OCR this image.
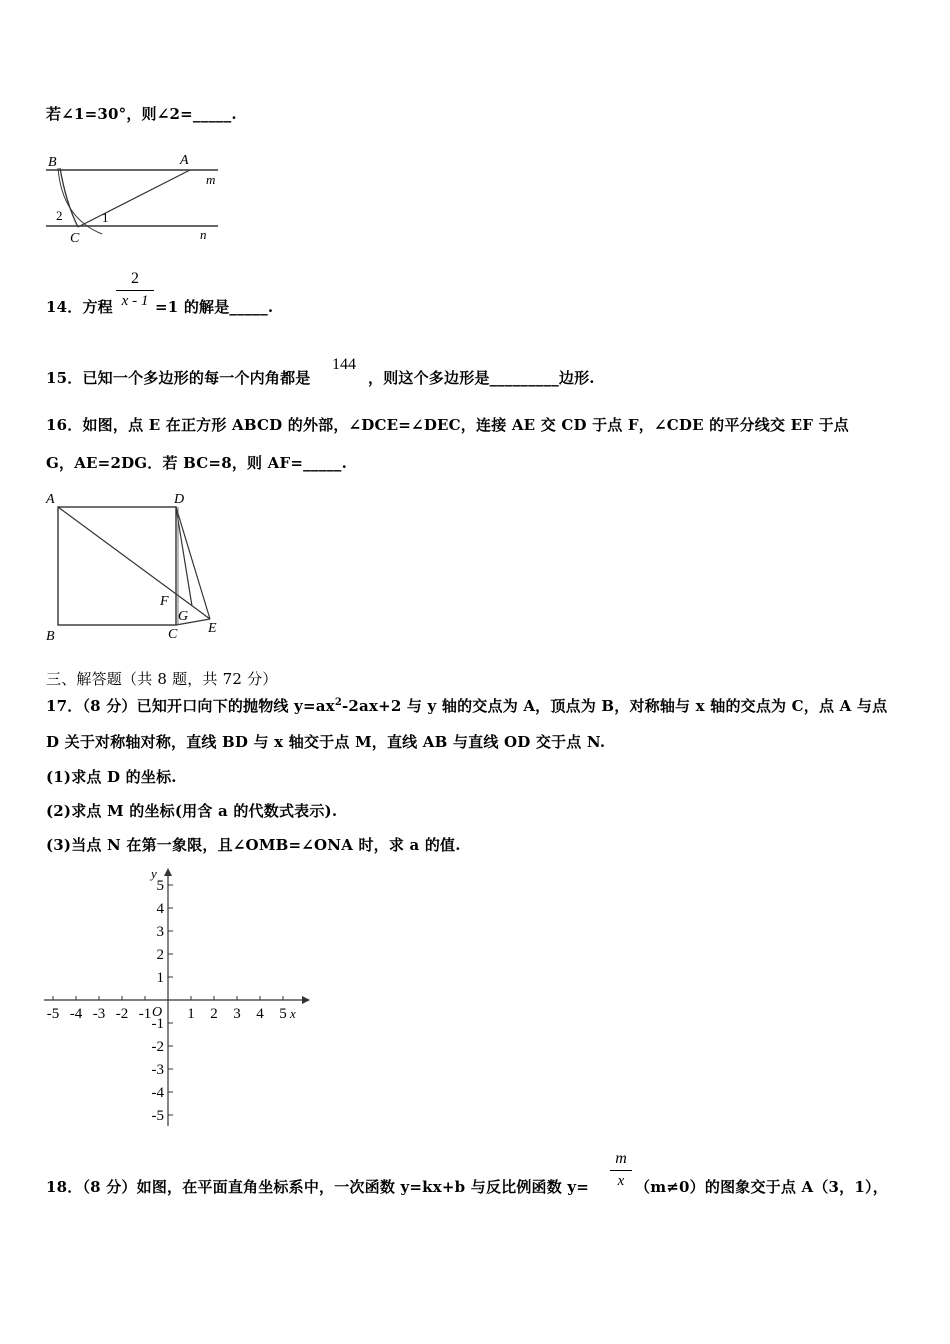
若∠1=30°，则∠2=_____.
B	A
m
2	1
C	n
14．方程
2
x - 1 =1 的解是_____.
15．已知一个多边形的每一个内角都是
144
，则这个多边形是_________边形.
16．如图，点 E 在正方形 ABCD 的外部，∠DCE=∠DEC，连接 AE 交 CD 于点 F，∠CDE 的平分线交 EF 于点
G，AE=2DG．若 BC=8，则 AF=_____.
A	D
B	C
F
G
E
三、解答题（共 8 题，共 72 分）
17．（8 分）已知开口向下的抛物线 $y=ax^2-2ax+2$ 与 y 轴的交点为 A，顶点为 B，对称轴与 x 轴的交点为 C，点 A 与点
D 关于对称轴对称，直线 BD 与 x 轴交于点 M，直线 AB 与直线 OD 交于点 N.
(1)求点 D 的坐标.
(2)求点 M 的坐标(用含 a 的代数式表示).
(3)当点 N 在第一象限，且∠OMB=∠ONA 时，求 a 的值.
x
y
O
-5 -4 -3 -2 -1 1 2 3 4 5
5
4
3
2
1
-1
-2
-3
-4
-5
18．（8 分）如图，在平面直角坐标系中，一次函数 y=kx+b 与反比例函数 y=
m
x （m≠0）的图象交于点 A（3，1），
